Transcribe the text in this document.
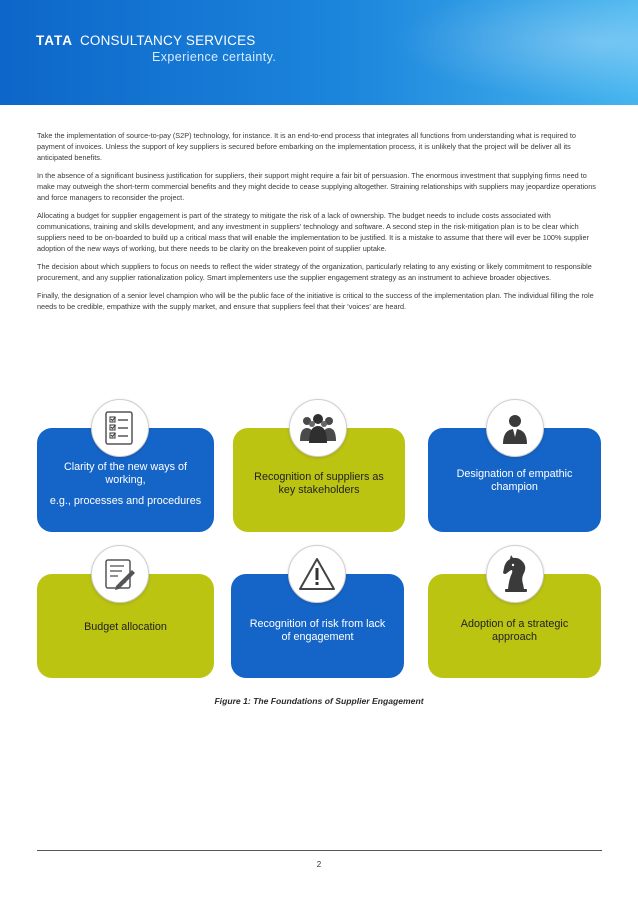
TATA CONSULTANCY SERVICES
Experience certainty.

Take the implementation of source-to-pay (S2P) technology, for instance. It is an end-to-end process that integrates all functions from understanding what is required to payment of invoices. Unless the support of key suppliers is secured before embarking on the implementation process, it is unlikely that the project will be deliver all its anticipated benefits.

In the absence of a significant business justification for suppliers, their support might require a fair bit of persuasion. The enormous investment that supplying firms need to make may outweigh the short-term commercial benefits and they might decide to cease supplying altogether. Straining relationships with suppliers may jeopardize operations and force managers to reconsider the project.

Allocating a budget for supplier engagement is part of the strategy to mitigate the risk of a lack of ownership. The budget needs to include costs associated with communications, training and skills development, and any investment in suppliers' technology and software. A second step in the risk-mitigation plan is to be clear which suppliers need to be on-boarded to build up a critical mass that will enable the implementation to be justified. It is a mistake to assume that there will ever be 100% supplier adoption of the new ways of working, but there needs to be clarity on the breakeven point of supplier uptake.

The decision about which suppliers to focus on needs to reflect the wider strategy of the organization, particularly relating to any existing or likely commitment to responsible procurement, and any supplier rationalization policy. Smart implementers use the supplier engagement strategy as an instrument to achieve broader objectives.

Finally, the designation of a senior level champion who will be the public face of the initiative is critical to the success of the implementation plan. The individual filling the role needs to be credible, empathize with the supply market, and ensure that suppliers feel that their 'voices' are heard.

Clarity of the new ways of
working,
e.g., processes and procedures
Recognition of suppliers as
key stakeholders
Designation of empathic
champion
Budget allocation	Recognition of risk from lack
of engagement
Adoption of a strategic
approach
Figure 1: The Foundations of Supplier Engagement
2
